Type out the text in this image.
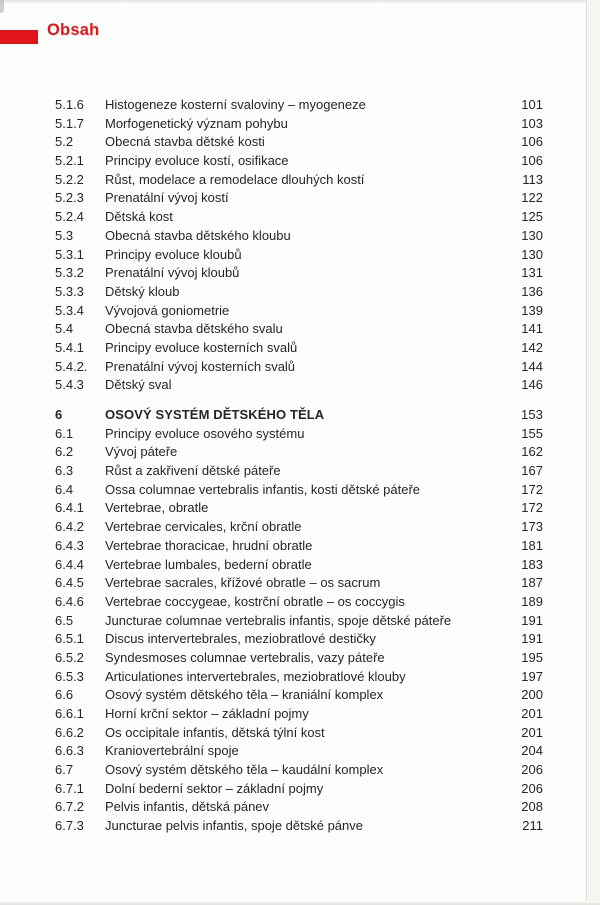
Obsah
5.1.6	Histogeneze kosterní svaloviny – myogeneze	101
5.1.7	Morfogenetický význam pohybu	103
5.2	Obecná stavba dětské kosti	106
5.2.1	Principy evoluce kostí, osifikace	106
5.2.2	Růst, modelace a remodelace dlouhých kostí	113
5.2.3	Prenatální vývoj kostí	122
5.2.4	Dětská kost	125
5.3	Obecná stavba dětského kloubu	130
5.3.1	Principy evoluce kloubů	130
5.3.2	Prenatální vývoj kloubů	131
5.3.3	Dětský kloub	136
5.3.4	Vývojová goniometrie	139
5.4	Obecná stavba dětského svalu	141
5.4.1	Principy evoluce kosterních svalů	142
5.4.2.	Prenatální vývoj kosterních svalů	144
5.4.3	Dětský sval	146
6	OSOVÝ SYSTÉM DĚTSKÉHO TĚLA	153
6.1	Principy evoluce osového systému	155
6.2	Vývoj páteře	162
6.3	Růst a zakřivení dětské páteře	167
6.4	Ossa columnae vertebralis infantis, kosti dětské páteře	172
6.4.1	Vertebrae, obratle	172
6.4.2	Vertebrae cervicales, krční obratle	173
6.4.3	Vertebrae thoracicae, hrudní obratle	181
6.4.4	Vertebrae lumbales, bederní obratle	183
6.4.5	Vertebrae sacrales, křížové obratle – os sacrum	187
6.4.6	Vertebrae coccygeae, kostrční obratle – os coccygis	189
6.5	Juncturae columnae vertebralis infantis, spoje dětské páteře	191
6.5.1	Discus intervertebrales, meziobratlové destičky	191
6.5.2	Syndesmoses columnae vertebralis, vazy páteře	195
6.5.3	Articulationes intervertebrales, meziobratlové klouby	197
6.6	Osový systém dětského těla – kraniální komplex	200
6.6.1	Horní krční sektor – základní pojmy	201
6.6.2	Os occipitale infantis, dětská týlní kost	201
6.6.3	Kraniovertebrální spoje	204
6.7	Osový systém dětského těla – kaudální komplex	206
6.7.1	Dolní bederní sektor – základní pojmy	206
6.7.2	Pelvis infantis, dětská pánev	208
6.7.3	Juncturae pelvis infantis, spoje dětské pánve	211
